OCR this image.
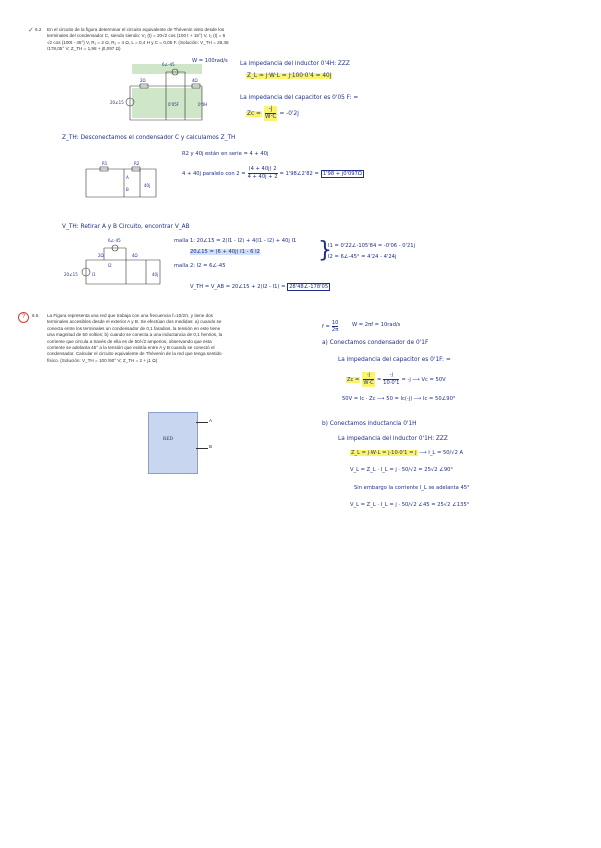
✓ 6.2 En el circuito de la figura determinar el circuito equivalente de Thévenin visto desde los
terminales del condensador C, siendo siendo: V₁ (t) = 20√2 cos (100 t + 15°) V, I₂ (t) = 6
√2 cos (100t - 45°) V, R₁ = 2 Ω, R₂ = 4 Ω, L = 0,4 H y C = 0,05 F. (Solución: V_TH = 28,48
/178,05° V; Z_TH = 1,98 + j0,097 Ω)
6∠-45
20∠15
2Ω	4Ω
0'05F	0'4H
W = 100rad/s La impedancia del inductor 0'4H: ZZZ
Z_L = j·W·L = j·100·0'4 = 40j
La impedancia del capacitor es 0'05 F: =
$Zc = \frac{-j}{W\cdot C} = -0'2j$
Z_TH: Desconectamos el condensador C y calculamos Z_TH
R1	R2
A
B
40j
R2 y 40j están en serie = 4 + 40j
4 + 40j paralelo con $2 = \frac{(4 + 40j) 2}{4 + 40j + 2}$ = 1'98∠2'82 = 1'98 + j0'097Ω
V_TH: Retirar A y B Circuito, encontrar V_AB
6∠-45
20∠15
2Ω	4Ω
40j
I1
I2
malla 1: 20∠15 = 2(I1 - I2) + 4(I1 - I2) + 40j I1
20∠15 = (6 + 40j) I1 - 6 I2
malla 2: I2 = 6∠-45
}
I1 = 0'22∠-105'84 = -0'06 - 0'21j
I2 = 6∠-45° = 4'24 - 4'24j
V_TH = V_AB = 20∠15 + 2(I2 - I1) = 28'48∠-178'05
?	6.5 La Figura representa una red que trabaja con una frecuencia f=10/2π, y tiene dos
terminales accesibles desde el exterior A y B. Se efectúan dos medidas: a) cuando se
conecta entre los terminales un condensador de 0,1 faradios, la tensión en este tiene
una magnitud de 50 voltios; b) cuando se conecta a una inductancia de 0,1 henrios, la
corriente que circula a través de ella es de 50/√2 amperios, observando que esta
corriente se adelanta 45° a la tensión que existía entre A y B cuando se conectó el
condensador. Calcular el circuito equivalente de Thévenin de la red que tenga sentido
físico. (Solución: V_TH = 100 /90° V; Z_TH = 2 + j1 Ω)
RED
A
B
$f = \frac{10}{2\pi}$	W = 2πf = 10rad/s
a) Conectamos condensador de 0'1F
La impedancia del capacitor es 0'1F: =
$Zc = \frac{-j}{W\cdot C} = \frac{-j}{10\cdot 0'1} = -j$ ⟶ Vc = 50V
50V = Ic · Zc ⟶ 50 = Ic(-j) ⟶ Ic = 50∠90°
b) Conectamos inductancia 0'1H
La impedancia del inductor 0'1H: ZZZ
Z_L = j·W·L = j·10·0'1 = j ⟶ I_L = 50/√2 A
V_L = Z_L · I_L = j · 50/√2 = 25√2 ∠90°
Sin embargo la corriente I_L se adelanta 45°
V_L = Z_L · I_L = j · 50/√2 ∠45 = 25√2 ∠135°
